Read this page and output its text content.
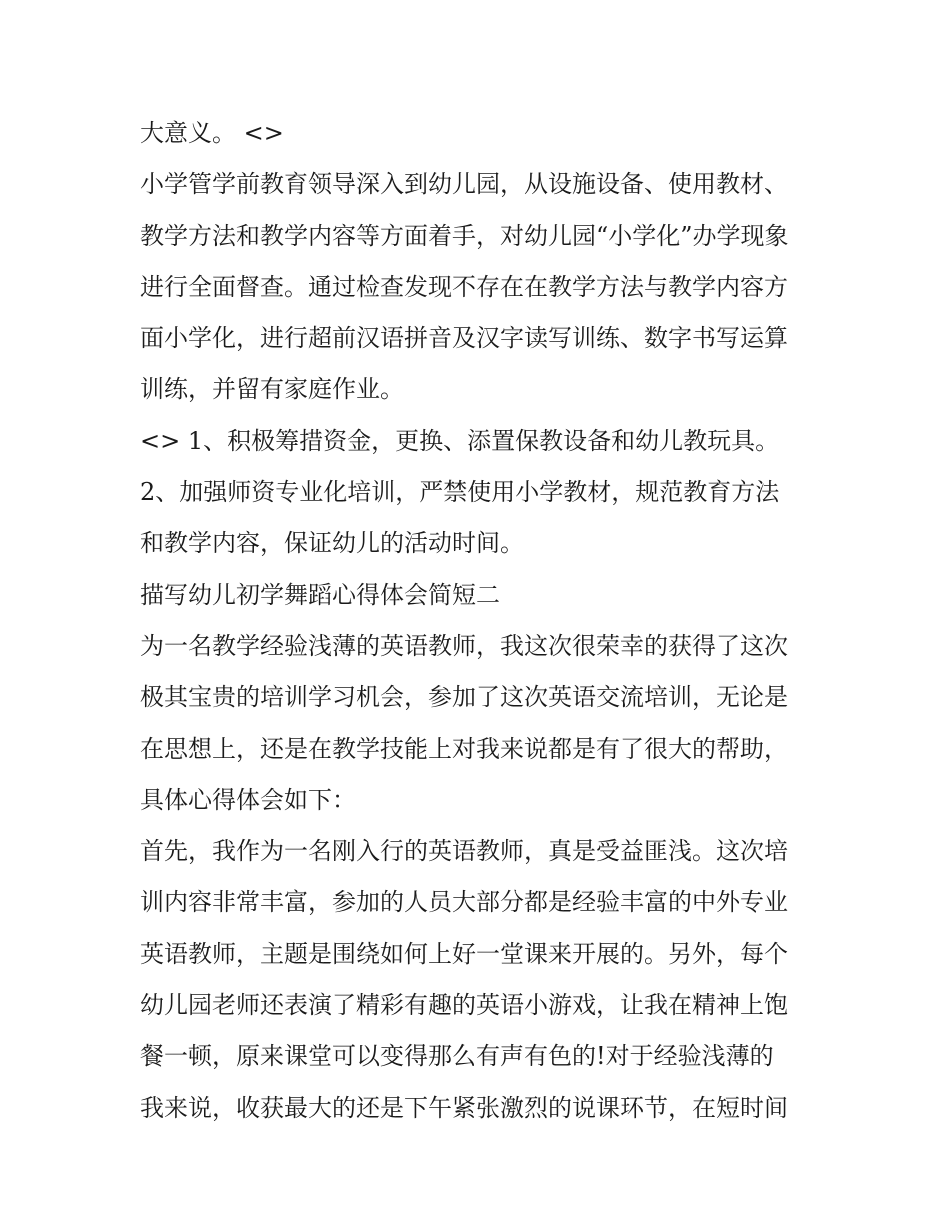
大意义。 <>
小学管学前教育领导深入到幼儿园，从设施设备、使用教材、
教学方法和教学内容等方面着手，对幼儿园“小学化”办学现象
进行全面督查。通过检查发现不存在在教学方法与教学内容方
面小学化，进行超前汉语拼音及汉字读写训练、数字书写运算
训练，并留有家庭作业。
<> 1、积极筹措资金，更换、添置保教设备和幼儿教玩具。
2、加强师资专业化培训，严禁使用小学教材，规范教育方法
和教学内容，保证幼儿的活动时间。
描写幼儿初学舞蹈心得体会简短二
为一名教学经验浅薄的英语教师，我这次很荣幸的获得了这次
极其宝贵的培训学习机会，参加了这次英语交流培训，无论是
在思想上，还是在教学技能上对我来说都是有了很大的帮助，
具体心得体会如下：
首先，我作为一名刚入行的英语教师，真是受益匪浅。这次培
训内容非常丰富，参加的人员大部分都是经验丰富的中外专业
英语教师，主题是围绕如何上好一堂课来开展的。另外，每个
幼儿园老师还表演了精彩有趣的英语小游戏，让我在精神上饱
餐一顿，原来课堂可以变得那么有声有色的!对于经验浅薄的
我来说，收获最大的还是下午紧张激烈的说课环节，在短时间
